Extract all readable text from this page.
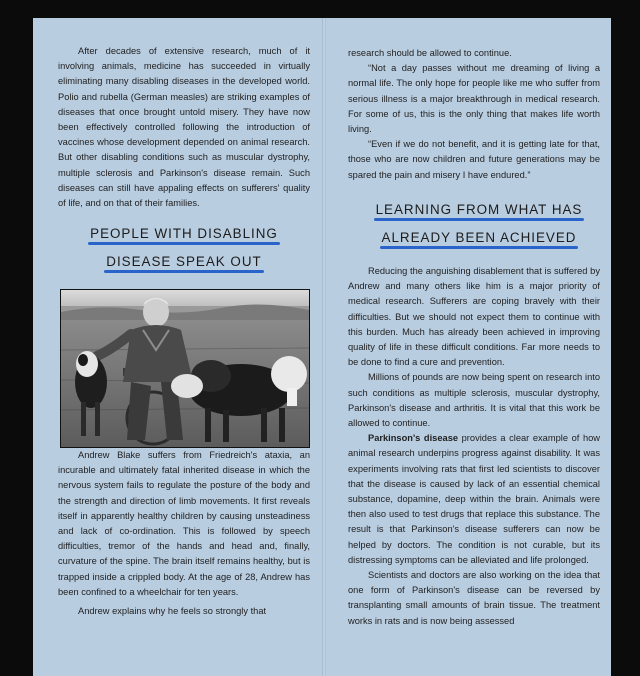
After decades of extensive research, much of it involving animals, medicine has succeeded in virtually eliminating many disabling diseases in the developed world. Polio and rubella (German measles) are striking examples of diseases that once brought untold misery. They have now been effectively controlled following the introduction of vaccines whose development depended on animal research. But other disabling conditions such as muscular dystrophy, multiple sclerosis and Parkinson's disease remain. Such diseases can still have appaling effects on sufferers' quality of life, and on that of their families.

PEOPLE WITH DISABLING
DISEASE SPEAK OUT

Andrew Blake suffers from Friedreich's ataxia, an incurable and ultimately fatal inherited disease in which the nervous system fails to regulate the posture of the body and the strength and direction of limb movements. It first reveals itself in apparently healthy children by causing unsteadiness and lack of co-ordination. This is followed by speech difficulties, tremor of the hands and head and, finally, curvature of the spine. The brain itself remains healthy, but is trapped inside a crippled body. At the age of 28, Andrew has been confined to a wheelchair for ten years.

Andrew explains why he feels so strongly that

research should be allowed to continue.

“Not a day passes without me dreaming of living a normal life. The only hope for people like me who suffer from serious illness is a major breakthrough in medical research. For some of us, this is the only thing that makes life worth living.

“Even if we do not benefit, and it is getting late for that, those who are now children and future generations may be spared the pain and misery I have endured.”

LEARNING FROM WHAT HAS
ALREADY BEEN ACHIEVED

Reducing the anguishing disablement that is suffered by Andrew and many others like him is a major priority of medical research. Sufferers are coping bravely with their difficulties. But we should not expect them to continue with this burden. Much has already been achieved in improving quality of life in these difficult conditions. Far more needs to be done to find a cure and prevention.

Millions of pounds are now being spent on research into such conditions as multiple sclerosis, muscular dystrophy, Parkinson's disease and arthritis. It is vital that this work be allowed to continue.

Parkinson's disease provides a clear example of how animal research underpins progress against disability. It was experiments involving rats that first led scientists to discover that the disease is caused by lack of an essential chemical substance, dopamine, deep within the brain. Animals were then also used to test drugs that replace this substance. The result is that Parkinson's disease sufferers can now be helped by doctors. The condition is not curable, but its distressing symptoms can be alleviated and life prolonged.

Scientists and doctors are also working on the idea that one form of Parkinson's disease can be reversed by transplanting small amounts of brain tissue. The treatment works in rats and is now being assessed
